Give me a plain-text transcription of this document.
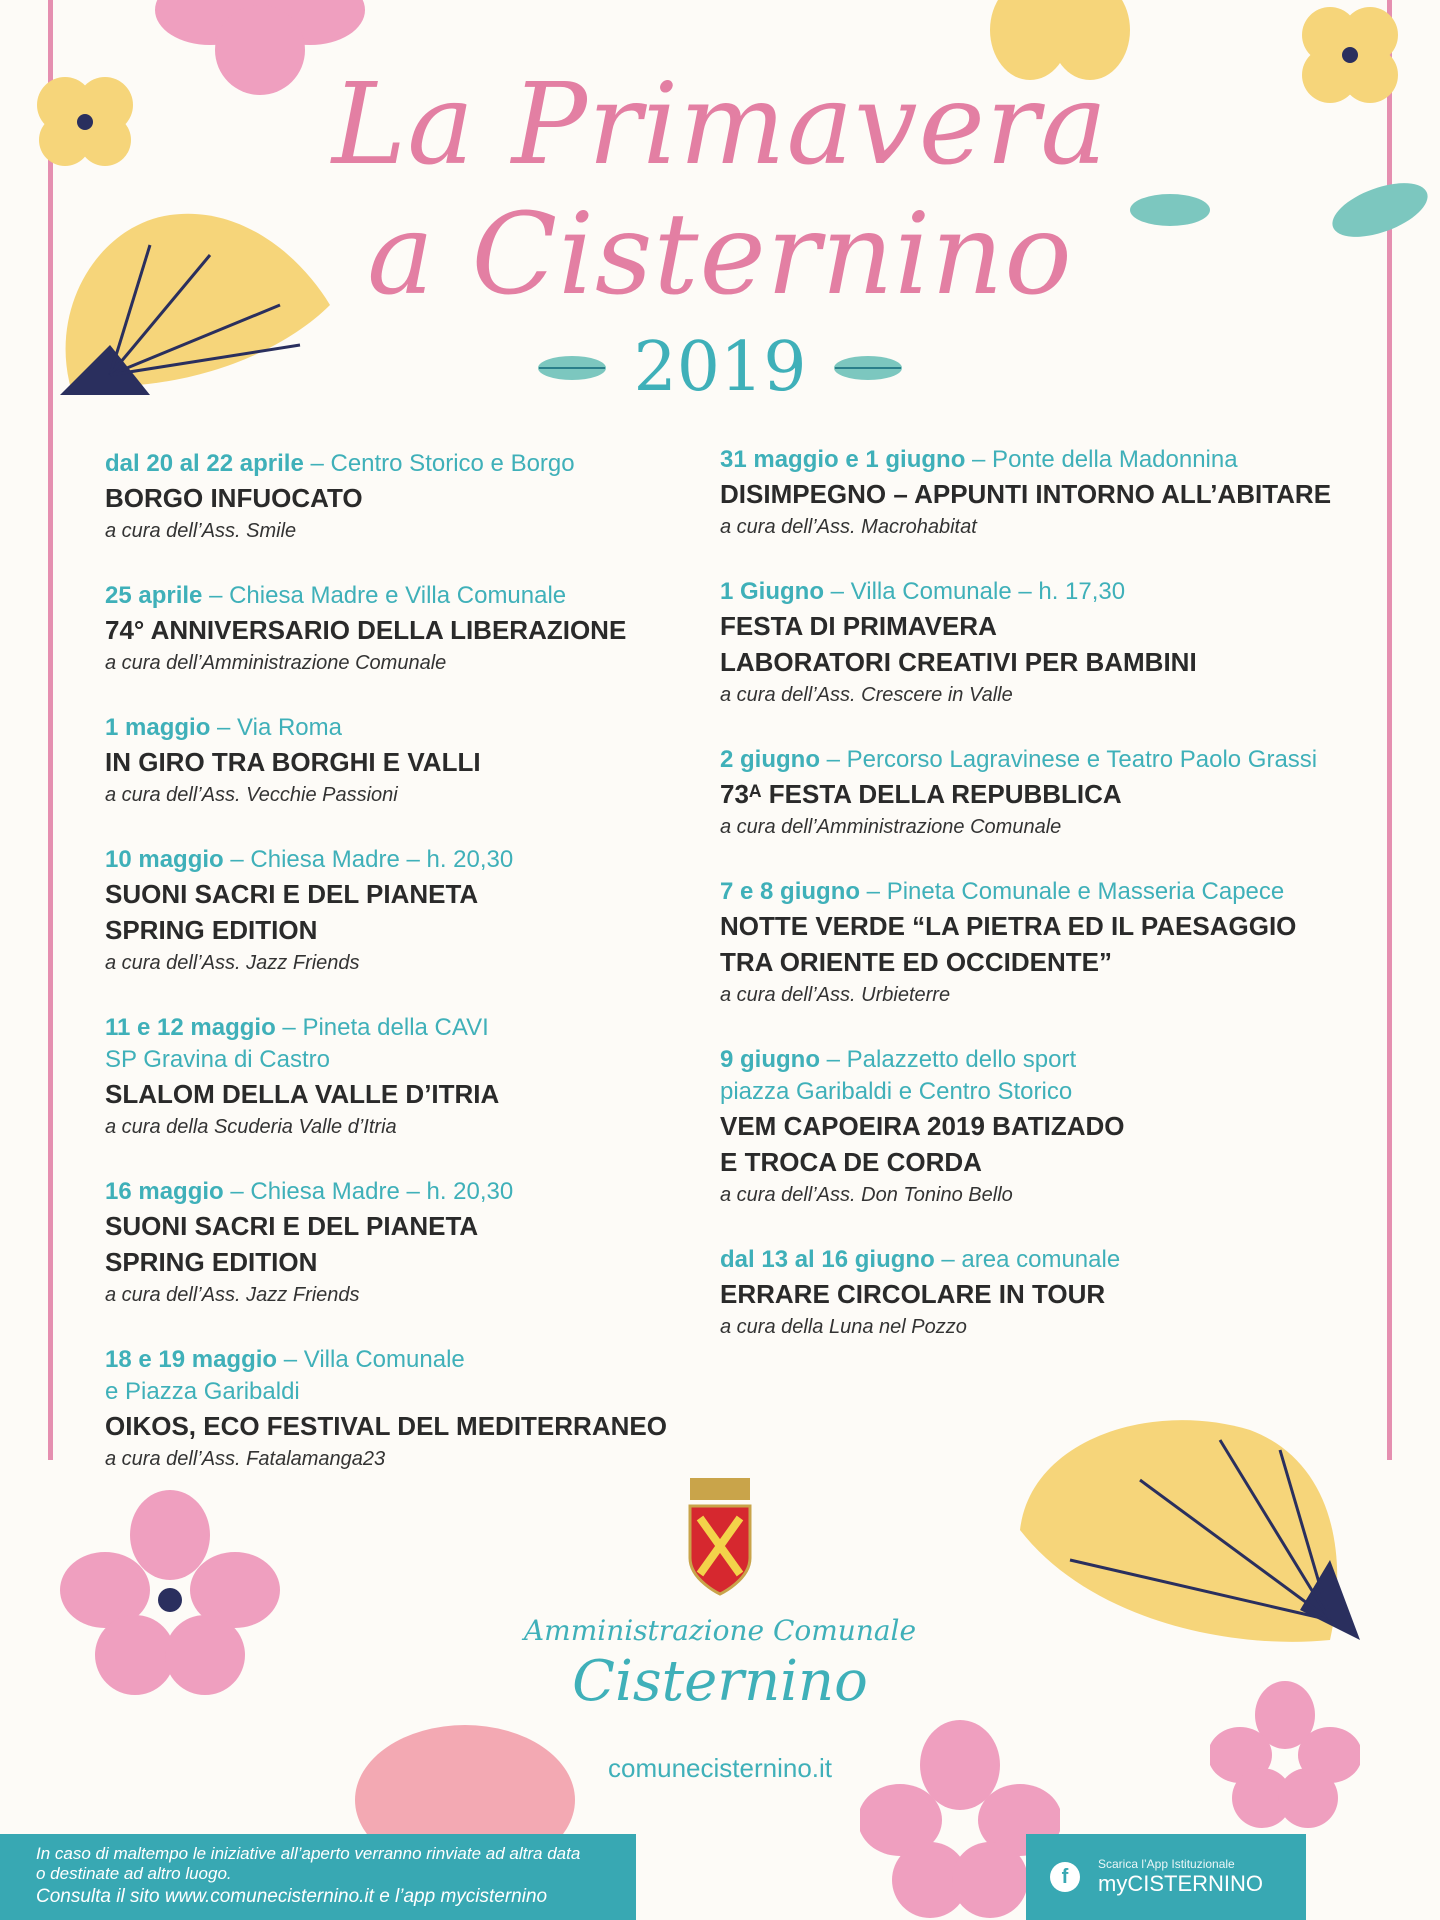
La Primavera
a Cisternino
2019
dal 20 al 22 aprile – Centro Storico e Borgo
BORGO INFUOCATO
a cura dell’Ass. Smile
25 aprile – Chiesa Madre e Villa Comunale
74° ANNIVERSARIO DELLA LIBERAZIONE
a cura dell’Amministrazione Comunale
1 maggio – Via Roma
IN GIRO TRA BORGHI E VALLI
a cura dell’Ass. Vecchie Passioni
10 maggio – Chiesa Madre – h. 20,30
SUONI SACRI E DEL PIANETA
SPRING EDITION
a cura dell’Ass. Jazz Friends
11 e 12 maggio – Pineta della CAVI
SP Gravina di Castro
SLALOM DELLA VALLE D’ITRIA
a cura della Scuderia Valle d’Itria
16 maggio – Chiesa Madre – h. 20,30
SUONI SACRI E DEL PIANETA
SPRING EDITION
a cura dell’Ass. Jazz Friends
18 e 19 maggio – Villa Comunale
e Piazza Garibaldi
OIKOS, ECO FESTIVAL DEL MEDITERRANEO
a cura dell’Ass. Fatalamanga23
31 maggio e 1 giugno – Ponte della Madonnina
DISIMPEGNO – APPUNTI INTORNO ALL’ABITARE
a cura dell’Ass. Macrohabitat
1 Giugno – Villa Comunale – h. 17,30
FESTA DI PRIMAVERA
LABORATORI CREATIVI PER BAMBINI
a cura dell’Ass. Crescere in Valle
2 giugno – Percorso Lagravinese e Teatro Paolo Grassi
73ᴬ FESTA DELLA REPUBBLICA
a cura dell’Amministrazione Comunale
7 e 8 giugno – Pineta Comunale e Masseria Capece
NOTTE VERDE “LA PIETRA ED IL PAESAGGIO
TRA ORIENTE ED OCCIDENTE”
a cura dell’Ass. Urbieterre
9 giugno – Palazzetto dello sport
piazza Garibaldi e Centro Storico
VEM CAPOEIRA 2019 BATIZADO
E TROCA DE CORDA
a cura dell’Ass. Don Tonino Bello
dal 13 al 16 giugno – area comunale
ERRARE CIRCOLARE IN TOUR
a cura della Luna nel Pozzo
Amministrazione Comunale
Cisternino
comunecisternino.it
In caso di maltempo le iniziative all’aperto verranno rinviate ad altra data
o destinate ad altro luogo.
Consulta il sito www.comunecisternino.it e l’app mycisternino
f
Scarica l’App Istituzionale
myCISTERNINO
